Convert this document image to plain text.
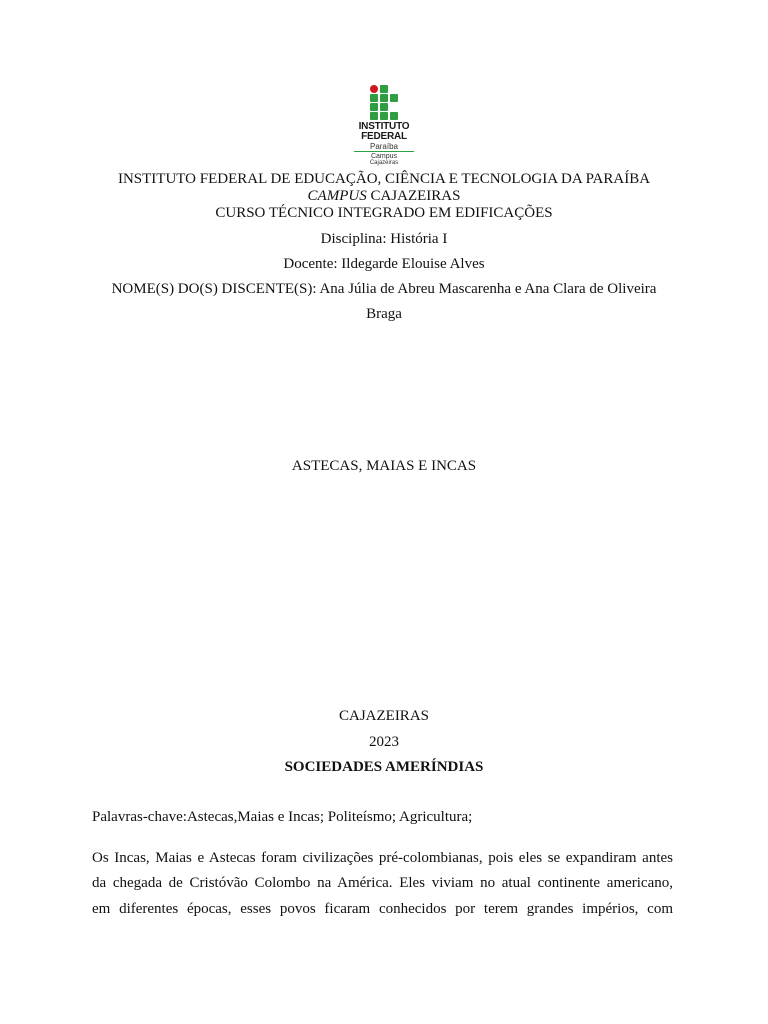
INSTITUTO
FEDERAL
Paraíba
Campus
Cajazeiras
INSTITUTO FEDERAL DE EDUCAÇÃO, CIÊNCIA E TECNOLOGIA DA PARAÍBA
CAMPUS CAJAZEIRAS
CURSO TÉCNICO INTEGRADO EM EDIFICAÇÕES
Disciplina: História I
Docente: Ildegarde Elouise Alves
NOME(S) DO(S) DISCENTE(S): Ana Júlia de Abreu Mascarenha e Ana Clara de Oliveira
Braga
ASTECAS, MAIAS E INCAS
CAJAZEIRAS
2023
SOCIEDADES AMERÍNDIAS
Palavras-chave:Astecas,Maias e Incas; Politeísmo; Agricultura;
Os Incas, Maias e Astecas foram civilizações pré-colombianas, pois eles se expandiram antes
da chegada de Cristóvão Colombo na América. Eles viviam no atual continente americano,
em diferentes épocas, esses povos ficaram conhecidos por terem grandes impérios, com
